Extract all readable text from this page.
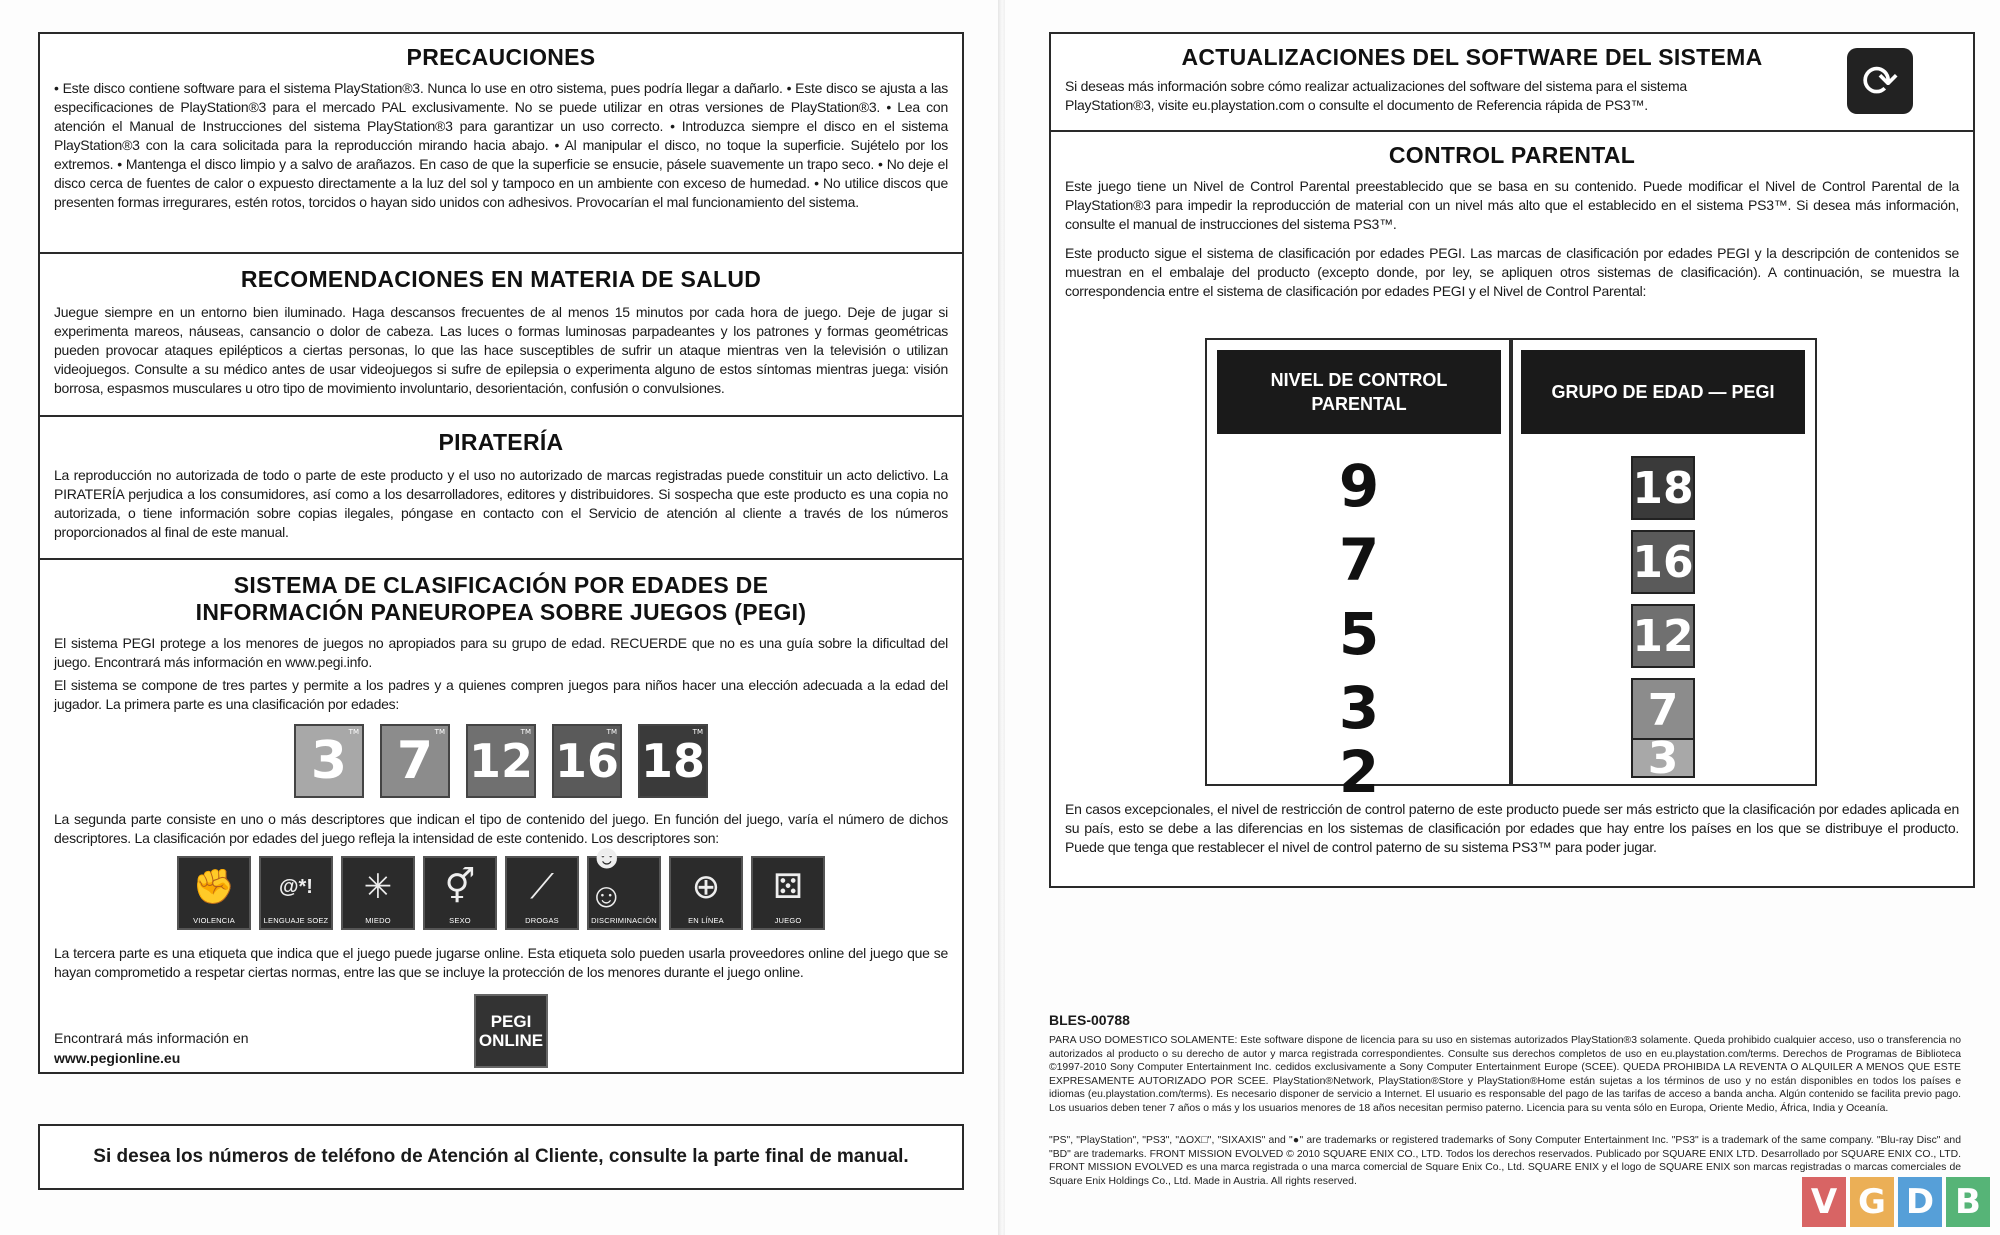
PRECAUCIONES

• Este disco contiene software para el sistema PlayStation®3. Nunca lo use en otro sistema, pues podría llegar a dañarlo. • Este disco se ajusta a las especificaciones de PlayStation®3 para el mercado PAL exclusivamente. No se puede utilizar en otras versiones de PlayStation®3. • Lea con atención el Manual de Instrucciones del sistema PlayStation®3 para garantizar un uso correcto. • Introduzca siempre el disco en el sistema PlayStation®3 con la cara solicitada para la reproducción mirando hacia abajo. • Al manipular el disco, no toque la superficie. Sujételo por los extremos. • Mantenga el disco limpio y a salvo de arañazos. En caso de que la superficie se ensucie, pásele suavemente un trapo seco. • No deje el disco cerca de fuentes de calor o expuesto directamente a la luz del sol y tampoco en un ambiente con exceso de humedad. • No utilice discos que presenten formas irregurares, estén rotos, torcidos o hayan sido unidos con adhesivos. Provocarían el mal funcionamiento del sistema.

RECOMENDACIONES EN MATERIA DE SALUD

Juegue siempre en un entorno bien iluminado. Haga descansos frecuentes de al menos 15 minutos por cada hora de juego. Deje de jugar si experimenta mareos, náuseas, cansancio o dolor de cabeza. Las luces o formas luminosas parpadeantes y los patrones y formas geométricas pueden provocar ataques epilépticos a ciertas personas, lo que las hace susceptibles de sufrir un ataque mientras ven la televisión o utilizan videojuegos. Consulte a su médico antes de usar videojuegos si sufre de epilepsia o experimenta alguno de estos síntomas mientras juega: visión borrosa, espasmos musculares u otro tipo de movimiento involuntario, desorientación, confusión o convulsiones.

PIRATERÍA

La reproducción no autorizada de todo o parte de este producto y el uso no autorizado de marcas registradas puede constituir un acto delictivo. La PIRATERÍA perjudica a los consumidores, así como a los desarrolladores, editores y distribuidores. Si sospecha que este producto es una copia no autorizada, o tiene información sobre copias ilegales, póngase en contacto con el Servicio de atención al cliente a través de los números proporcionados al final de este manual.

SISTEMA DE CLASIFICACIÓN POR EDADES DE
INFORMACIÓN PANEUROPEA SOBRE JUEGOS (PEGI)

El sistema PEGI protege a los menores de juegos no apropiados para su grupo de edad. RECUERDE que no es una guía sobre la dificultad del juego. Encontrará más información en www.pegi.info.

El sistema se compone de tres partes y permite a los padres y a quienes compren juegos para niños hacer una elección adecuada a la edad del jugador. La primera parte es una clasificación por edades:

3 TM 7 TM
12
TM
16
TM
18
TM

La segunda parte consiste en uno o más descriptores que indican el tipo de contenido del juego. En función del juego, varía el número de dichos descriptores. La clasificación por edades del juego refleja la intensidad de este contenido. Los descriptores son:

✊
VIOLENCIA
@*!
LENGUAJE SOEZ
✳
MIEDO
⚥
SEXO
⟋
DROGAS
☻☺
DISCRIMINACIÓN
⊕
EN LÍNEA
⚄
JUEGO

La tercera parte es una etiqueta que indica que el juego puede jugarse online. Esta etiqueta solo pueden usarla proveedores online del juego que se hayan comprometido a respetar ciertas normas, entre las que se incluye la protección de los menores durante el juego online.

Encontrará más información en
www.pegionline.eu
PEGI
ONLINE
Si desea los números de teléfono de Atención al Cliente, consulte la parte final de manual.
ACTUALIZACIONES DEL SOFTWARE DEL SISTEMA

Si deseas más información sobre cómo realizar actualizaciones del software del sistema para el sistema PlayStation®3, visite eu.playstation.com o consulte el documento de Referencia rápida de PS3™.	⟳
CONTROL PARENTAL

Este juego tiene un Nivel de Control Parental preestablecido que se basa en su contenido. Puede modificar el Nivel de Control Parental de la PlayStation®3 para impedir la reproducción de material con un nivel más alto que el establecido en el sistema PS3™. Si desea más información, consulte el manual de instrucciones del sistema PS3™.

Este producto sigue el sistema de clasificación por edades PEGI. Las marcas de clasificación por edades PEGI y la descripción de contenidos se muestran en el embalaje del producto (excepto donde, por ley, se apliquen otros sistemas de clasificación). A continuación, se muestra la correspondencia entre el sistema de clasificación por edades PEGI y el Nivel de Control Parental:

NIVEL DE CONTROL PARENTAL
9
7
5
3
2
GRUPO DE EDAD — PEGI
18
16
12
7
3

En casos excepcionales, el nivel de restricción de control paterno de este producto puede ser más estricto que la clasificación por edades aplicada en su país, esto se debe a las diferencias en los sistemas de clasificación por edades que hay entre los países en los que se distribuye el producto. Puede que tenga que restablecer el nivel de control paterno de su sistema PS3™ para poder jugar.

BLES-00788

PARA USO DOMESTICO SOLAMENTE: Este software dispone de licencia para su uso en sistemas autorizados PlayStation®3 solamente. Queda prohibido cualquier acceso, uso o transferencia no autorizados al producto o su derecho de autor y marca registrada correspondientes. Consulte sus derechos completos de uso en eu.playstation.com/terms. Derechos de Programas de Biblioteca ©1997-2010 Sony Computer Entertainment Inc. cedidos exclusivamente a Sony Computer Entertainment Europe (SCEE). QUEDA PROHIBIDA LA REVENTA O ALQUILER A MENOS QUE ESTE EXPRESAMENTE AUTORIZADO POR SCEE. PlayStation®Network, PlayStation®Store y PlayStation®Home están sujetas a los términos de uso y no están disponibles en todos los países e idiomas (eu.playstation.com/terms). Es necesario disponer de servicio a Internet. El usuario es responsable del pago de las tarifas de acceso a banda ancha. Algún contenido se facilita previo pago. Los usuarios deben tener 7 años o más y los usuarios menores de 18 años necesitan permiso paterno. Licencia para su venta sólo en Europa, Oriente Medio, África, India y Oceanía.

"PS", "PlayStation", "PS3", "ΔOX□", "SIXAXIS" and "●" are trademarks or registered trademarks of Sony Computer Entertainment Inc. "PS3" is a trademark of the same company. "Blu-ray Disc" and "BD" are trademarks. FRONT MISSION EVOLVED © 2010 SQUARE ENIX CO., LTD. Todos los derechos reservados. Publicado por SQUARE ENIX LTD. Desarrollado por SQUARE ENIX CO., LTD. FRONT MISSION EVOLVED es una marca registrada o una marca comercial de Square Enix Co., Ltd. SQUARE ENIX y el logo de SQUARE ENIX son marcas registradas o marcas comerciales de Square Enix Holdings Co., Ltd. Made in Austria. All rights reserved.

V G D B
